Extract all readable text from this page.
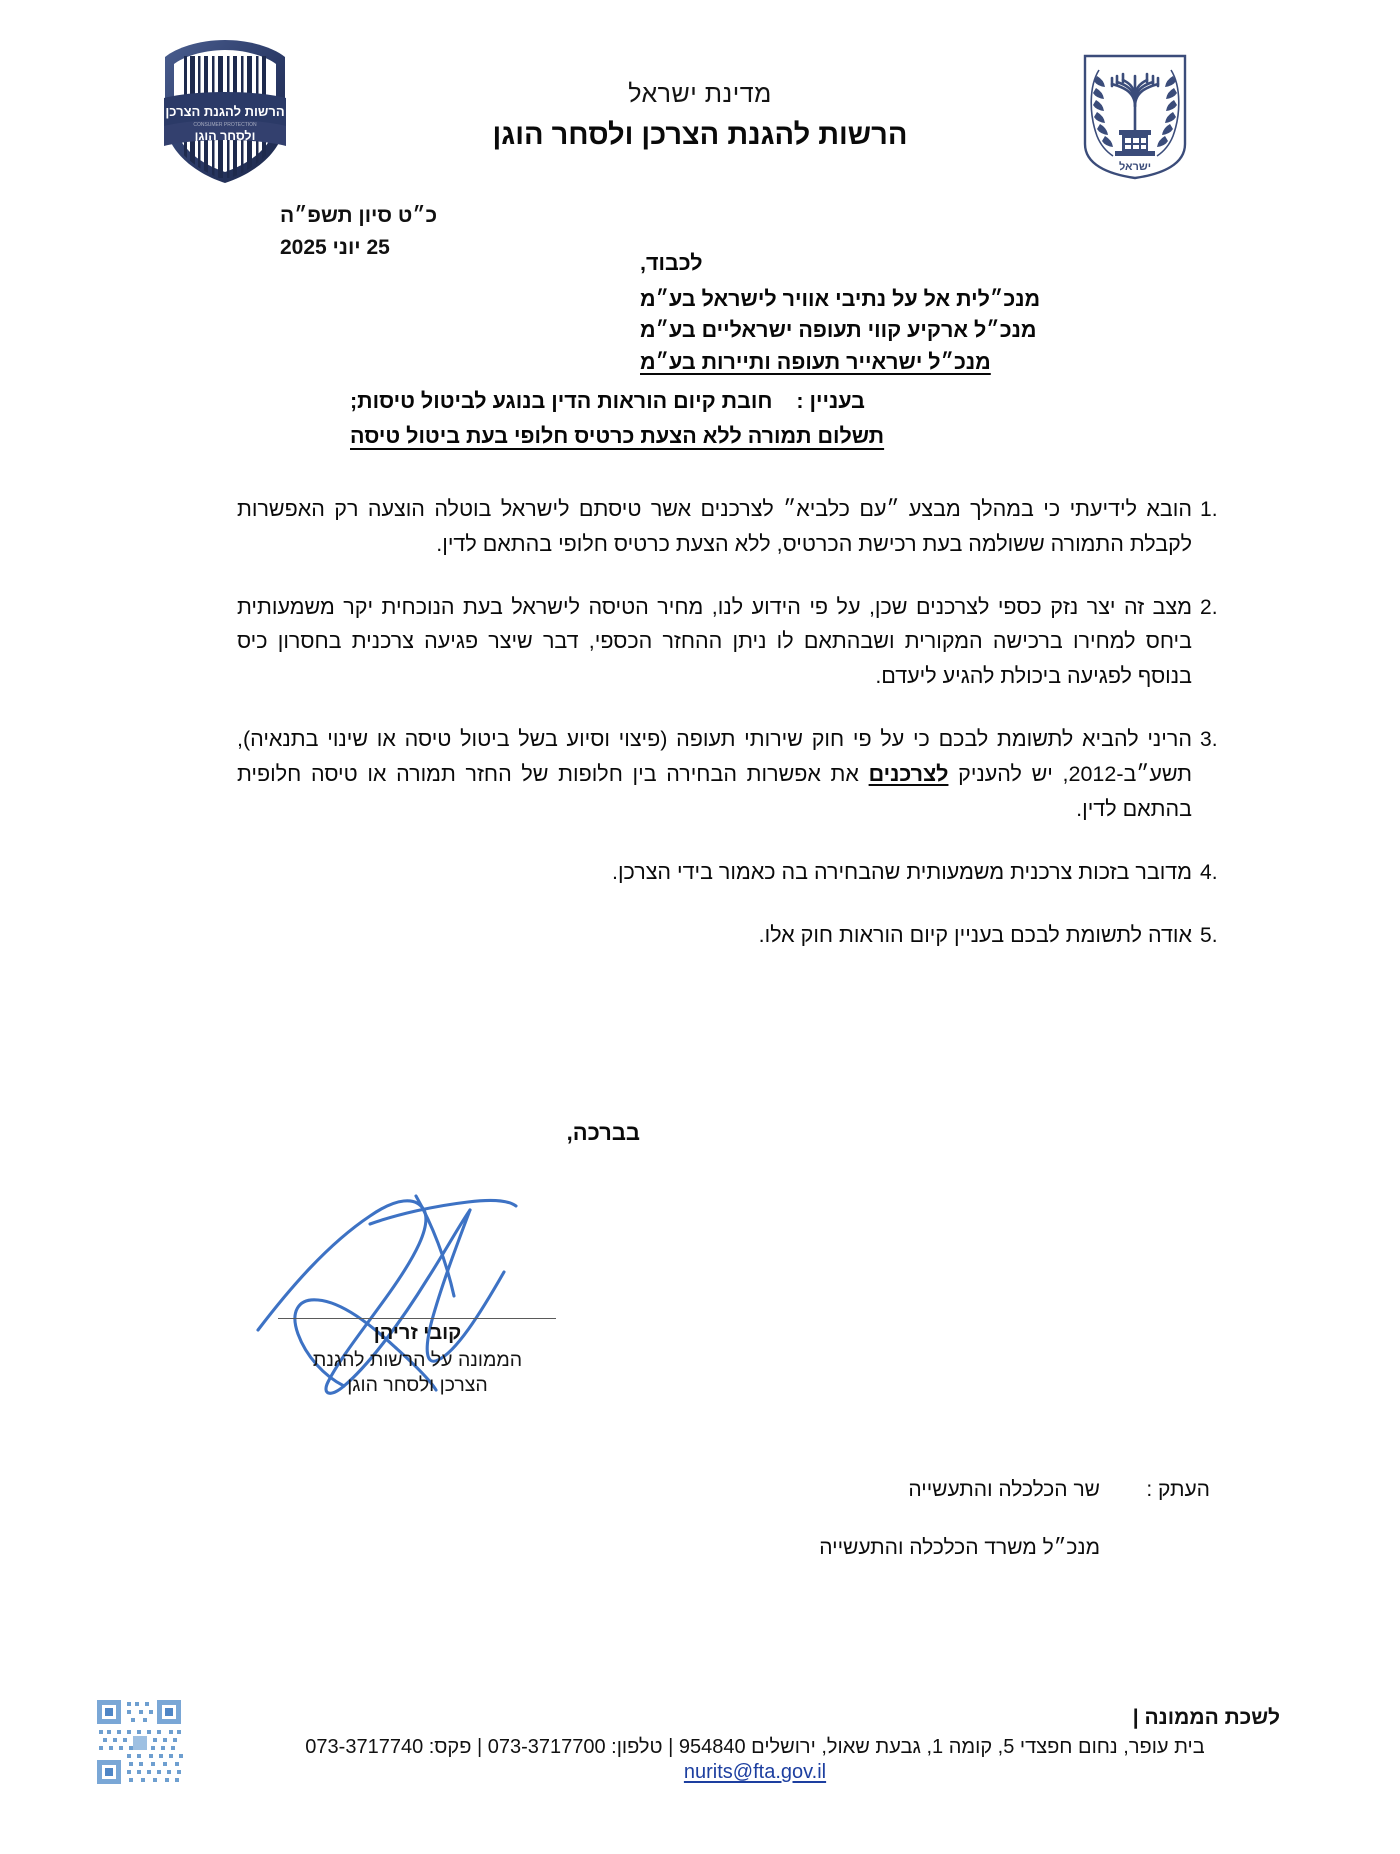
הרשות להגנת הצרכן
ולסחר הוגן
CONSUMER PROTECTION
ישראל
מדינת ישראל
הרשות להגנת הצרכן ולסחר הוגן
כ״ט סיון תשפ״ה
25 יוני 2025
לכבוד,
מנכ״לית אל על נתיבי אוויר לישראל בע״מ
מנכ״ל ארקיע קווי תעופה ישראליים בע״מ
מנכ״ל ישראייר תעופה ותיירות בע״מ
בעניין : חובת קיום הוראות הדין בנוגע לביטול טיסות;
תשלום תמורה ללא הצעת כרטיס חלופי בעת ביטול טיסה
.1
הובא לידיעתי כי במהלך מבצע ״עם כלביא״ לצרכנים אשר טיסתם לישראל בוטלה הוצעה רק האפשרות לקבלת התמורה ששולמה בעת רכישת הכרטיס, ללא הצעת כרטיס חלופי בהתאם לדין.
.2
מצב זה יצר נזק כספי לצרכנים שכן, על פי הידוע לנו, מחיר הטיסה לישראל בעת הנוכחית יקר משמעותית ביחס למחירו ברכישה המקורית ושבהתאם לו ניתן ההחזר הכספי, דבר שיצר פגיעה צרכנית בחסרון כיס בנוסף לפגיעה ביכולת להגיע ליעדם.
.3
הריני להביא לתשומת לבכם כי על פי חוק שירותי תעופה (פיצוי וסיוע בשל ביטול טיסה או שינוי בתנאיה), תשע״ב-2012, יש להעניק לצרכנים את אפשרות הבחירה בין חלופות של החזר תמורה או טיסה חלופית בהתאם לדין.
.4
מדובר בזכות צרכנית משמעותית שהבחירה בה כאמור בידי הצרכן.
.5
אודה לתשומת לבכם בעניין קיום הוראות חוק אלו.
בברכה,
קובי זריהן
הממונה על הרשות להגנת
הצרכן ולסחר הוגן
העתק :
שר הכלכלה והתעשייה
מנכ״ל משרד הכלכלה והתעשייה
לשכת הממונה |
בית עופר, נחום חפצדי 5, קומה 1, גבעת שאול, ירושלים 954840 | טלפון: 073-3717700 | פקס: 073-3717740
nurits@fta.gov.il
